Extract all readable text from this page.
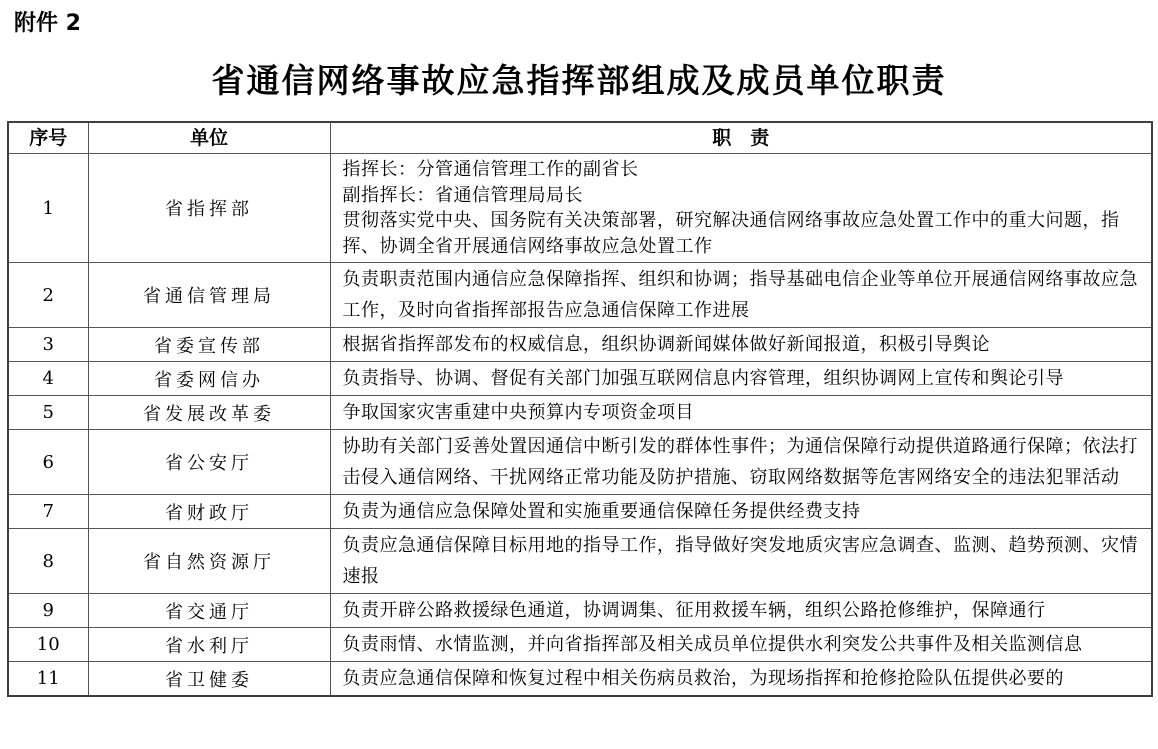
附件 2
省通信网络事故应急指挥部组成及成员单位职责
序号	单位	职　责
1	省指挥部	指挥长：分管通信管理工作的副省长
副指挥长：省通信管理局局长
贯彻落实党中央、国务院有关决策部署，研究解决通信网络事故应急处置工作中的重大问题，指挥、协调全省开展通信网络事故应急处置工作

2	省通信管理局	负责职责范围内通信应急保障指挥、组织和协调；指导基础电信企业等单位开展通信网络事故应急工作，及时向省指挥部报告应急通信保障工作进展

3	省委宣传部	根据省指挥部发布的权威信息，组织协调新闻媒体做好新闻报道，积极引导舆论

4	省委网信办	负责指导、协调、督促有关部门加强互联网信息内容管理，组织协调网上宣传和舆论引导

5	省发展改革委	争取国家灾害重建中央预算内专项资金项目

6	省公安厅	协助有关部门妥善处置因通信中断引发的群体性事件；为通信保障行动提供道路通行保障；依法打击侵入通信网络、干扰网络正常功能及防护措施、窃取网络数据等危害网络安全的违法犯罪活动

7	省财政厅	负责为通信应急保障处置和实施重要通信保障任务提供经费支持

8	省自然资源厅	负责应急通信保障目标用地的指导工作，指导做好突发地质灾害应急调查、监测、趋势预测、灾情速报

9	省交通厅	负责开辟公路救援绿色通道，协调调集、征用救援车辆，组织公路抢修维护，保障通行

10	省水利厅	负责雨情、水情监测，并向省指挥部及相关成员单位提供水利突发公共事件及相关监测信息

11	省卫健委	负责应急通信保障和恢复过程中相关伤病员救治，为现场指挥和抢修抢险队伍提供必要的
